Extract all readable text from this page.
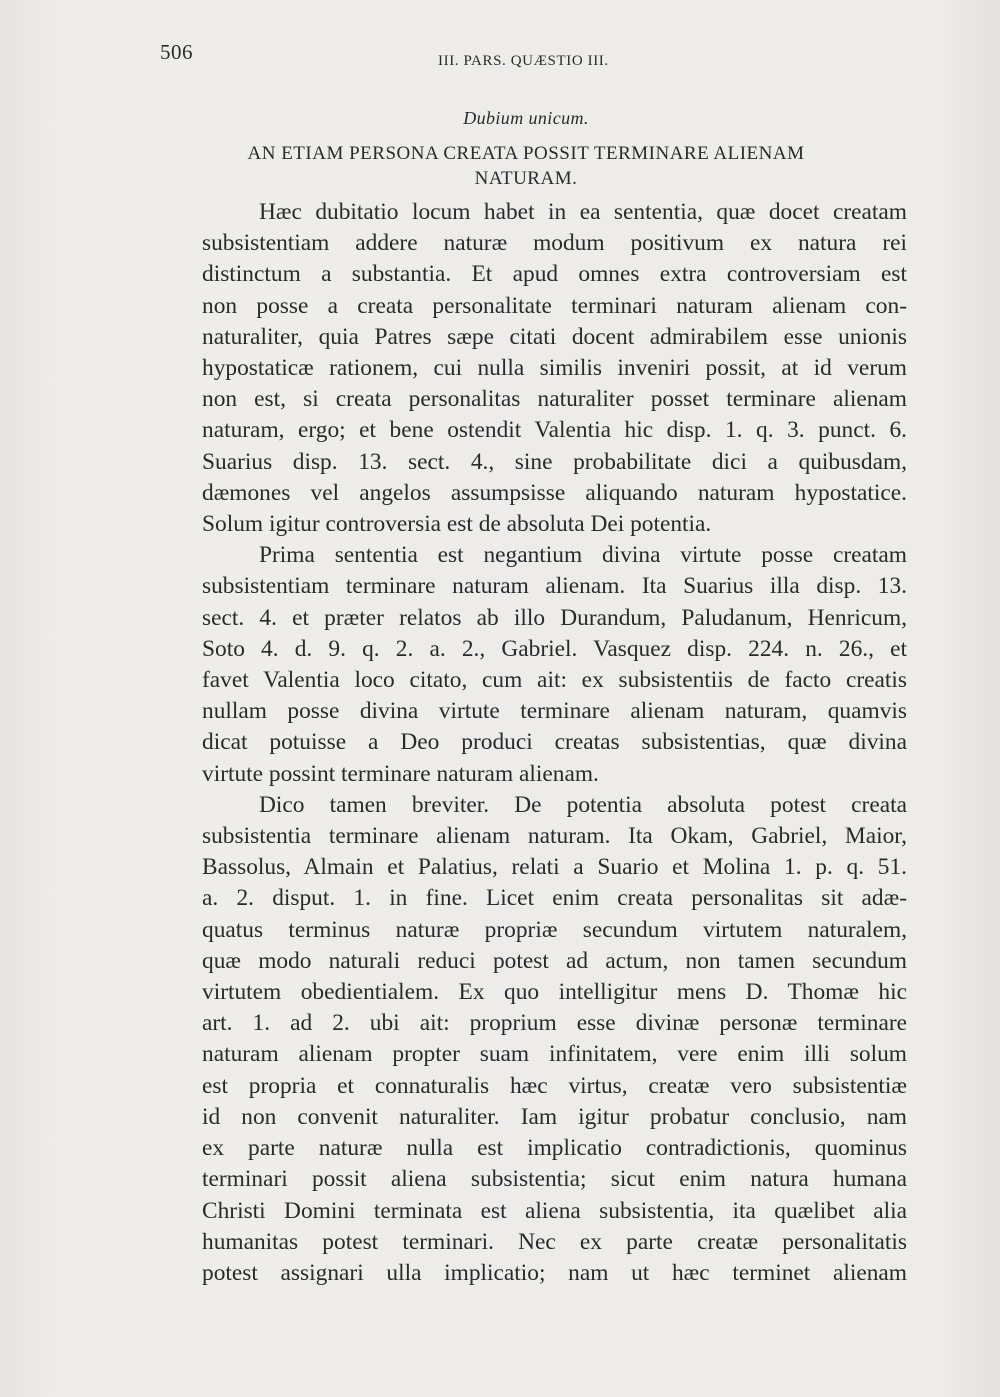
506	III. PARS. QUÆSTIO III.
Dubium unicum.
AN ETIAM PERSONA CREATA POSSIT TERMINARE ALIENAM
NATURAM.
Hæc dubitatio locum habet in ea sententia, quæ docet creatam
subsistentiam addere naturæ modum positivum ex natura rei
distinctum a substantia. Et apud omnes extra controversiam est
non posse a creata personalitate terminari naturam alienam con-
naturaliter, quia Patres sæpe citati docent admirabilem esse unionis
hypostaticæ rationem, cui nulla similis inveniri possit, at id verum
non est, si creata personalitas naturaliter posset terminare alienam
naturam, ergo; et bene ostendit Valentia hic disp. 1. q. 3. punct. 6.
Suarius disp. 13. sect. 4., sine probabilitate dici a quibusdam,
dæmones vel angelos assumpsisse aliquando naturam hypostatice.
Solum igitur controversia est de absoluta Dei potentia.
Prima sententia est negantium divina virtute posse creatam
subsistentiam terminare naturam alienam. Ita Suarius illa disp. 13.
sect. 4. et præter relatos ab illo Durandum, Paludanum, Henricum,
Soto 4. d. 9. q. 2. a. 2., Gabriel. Vasquez disp. 224. n. 26., et
favet Valentia loco citato, cum ait: ex subsistentiis de facto creatis
nullam posse divina virtute terminare alienam naturam, quamvis
dicat potuisse a Deo produci creatas subsistentias, quæ divina
virtute possint terminare naturam alienam.
Dico tamen breviter. De potentia absoluta potest creata
subsistentia terminare alienam naturam. Ita Okam, Gabriel, Maior,
Bassolus, Almain et Palatius, relati a Suario et Molina 1. p. q. 51.
a. 2. disput. 1. in fine. Licet enim creata personalitas sit adæ-
quatus terminus naturæ propriæ secundum virtutem naturalem,
quæ modo naturali reduci potest ad actum, non tamen secundum
virtutem obedientialem. Ex quo intelligitur mens D. Thomæ hic
art. 1. ad 2. ubi ait: proprium esse divinæ personæ terminare
naturam alienam propter suam infinitatem, vere enim illi solum
est propria et connaturalis hæc virtus, creatæ vero subsistentiæ
id non convenit naturaliter. Iam igitur probatur conclusio, nam
ex parte naturæ nulla est implicatio contradictionis, quominus
terminari possit aliena subsistentia; sicut enim natura humana
Christi Domini terminata est aliena subsistentia, ita quælibet alia
humanitas potest terminari. Nec ex parte creatæ personalitatis
potest assignari ulla implicatio; nam ut hæc terminet alienam
